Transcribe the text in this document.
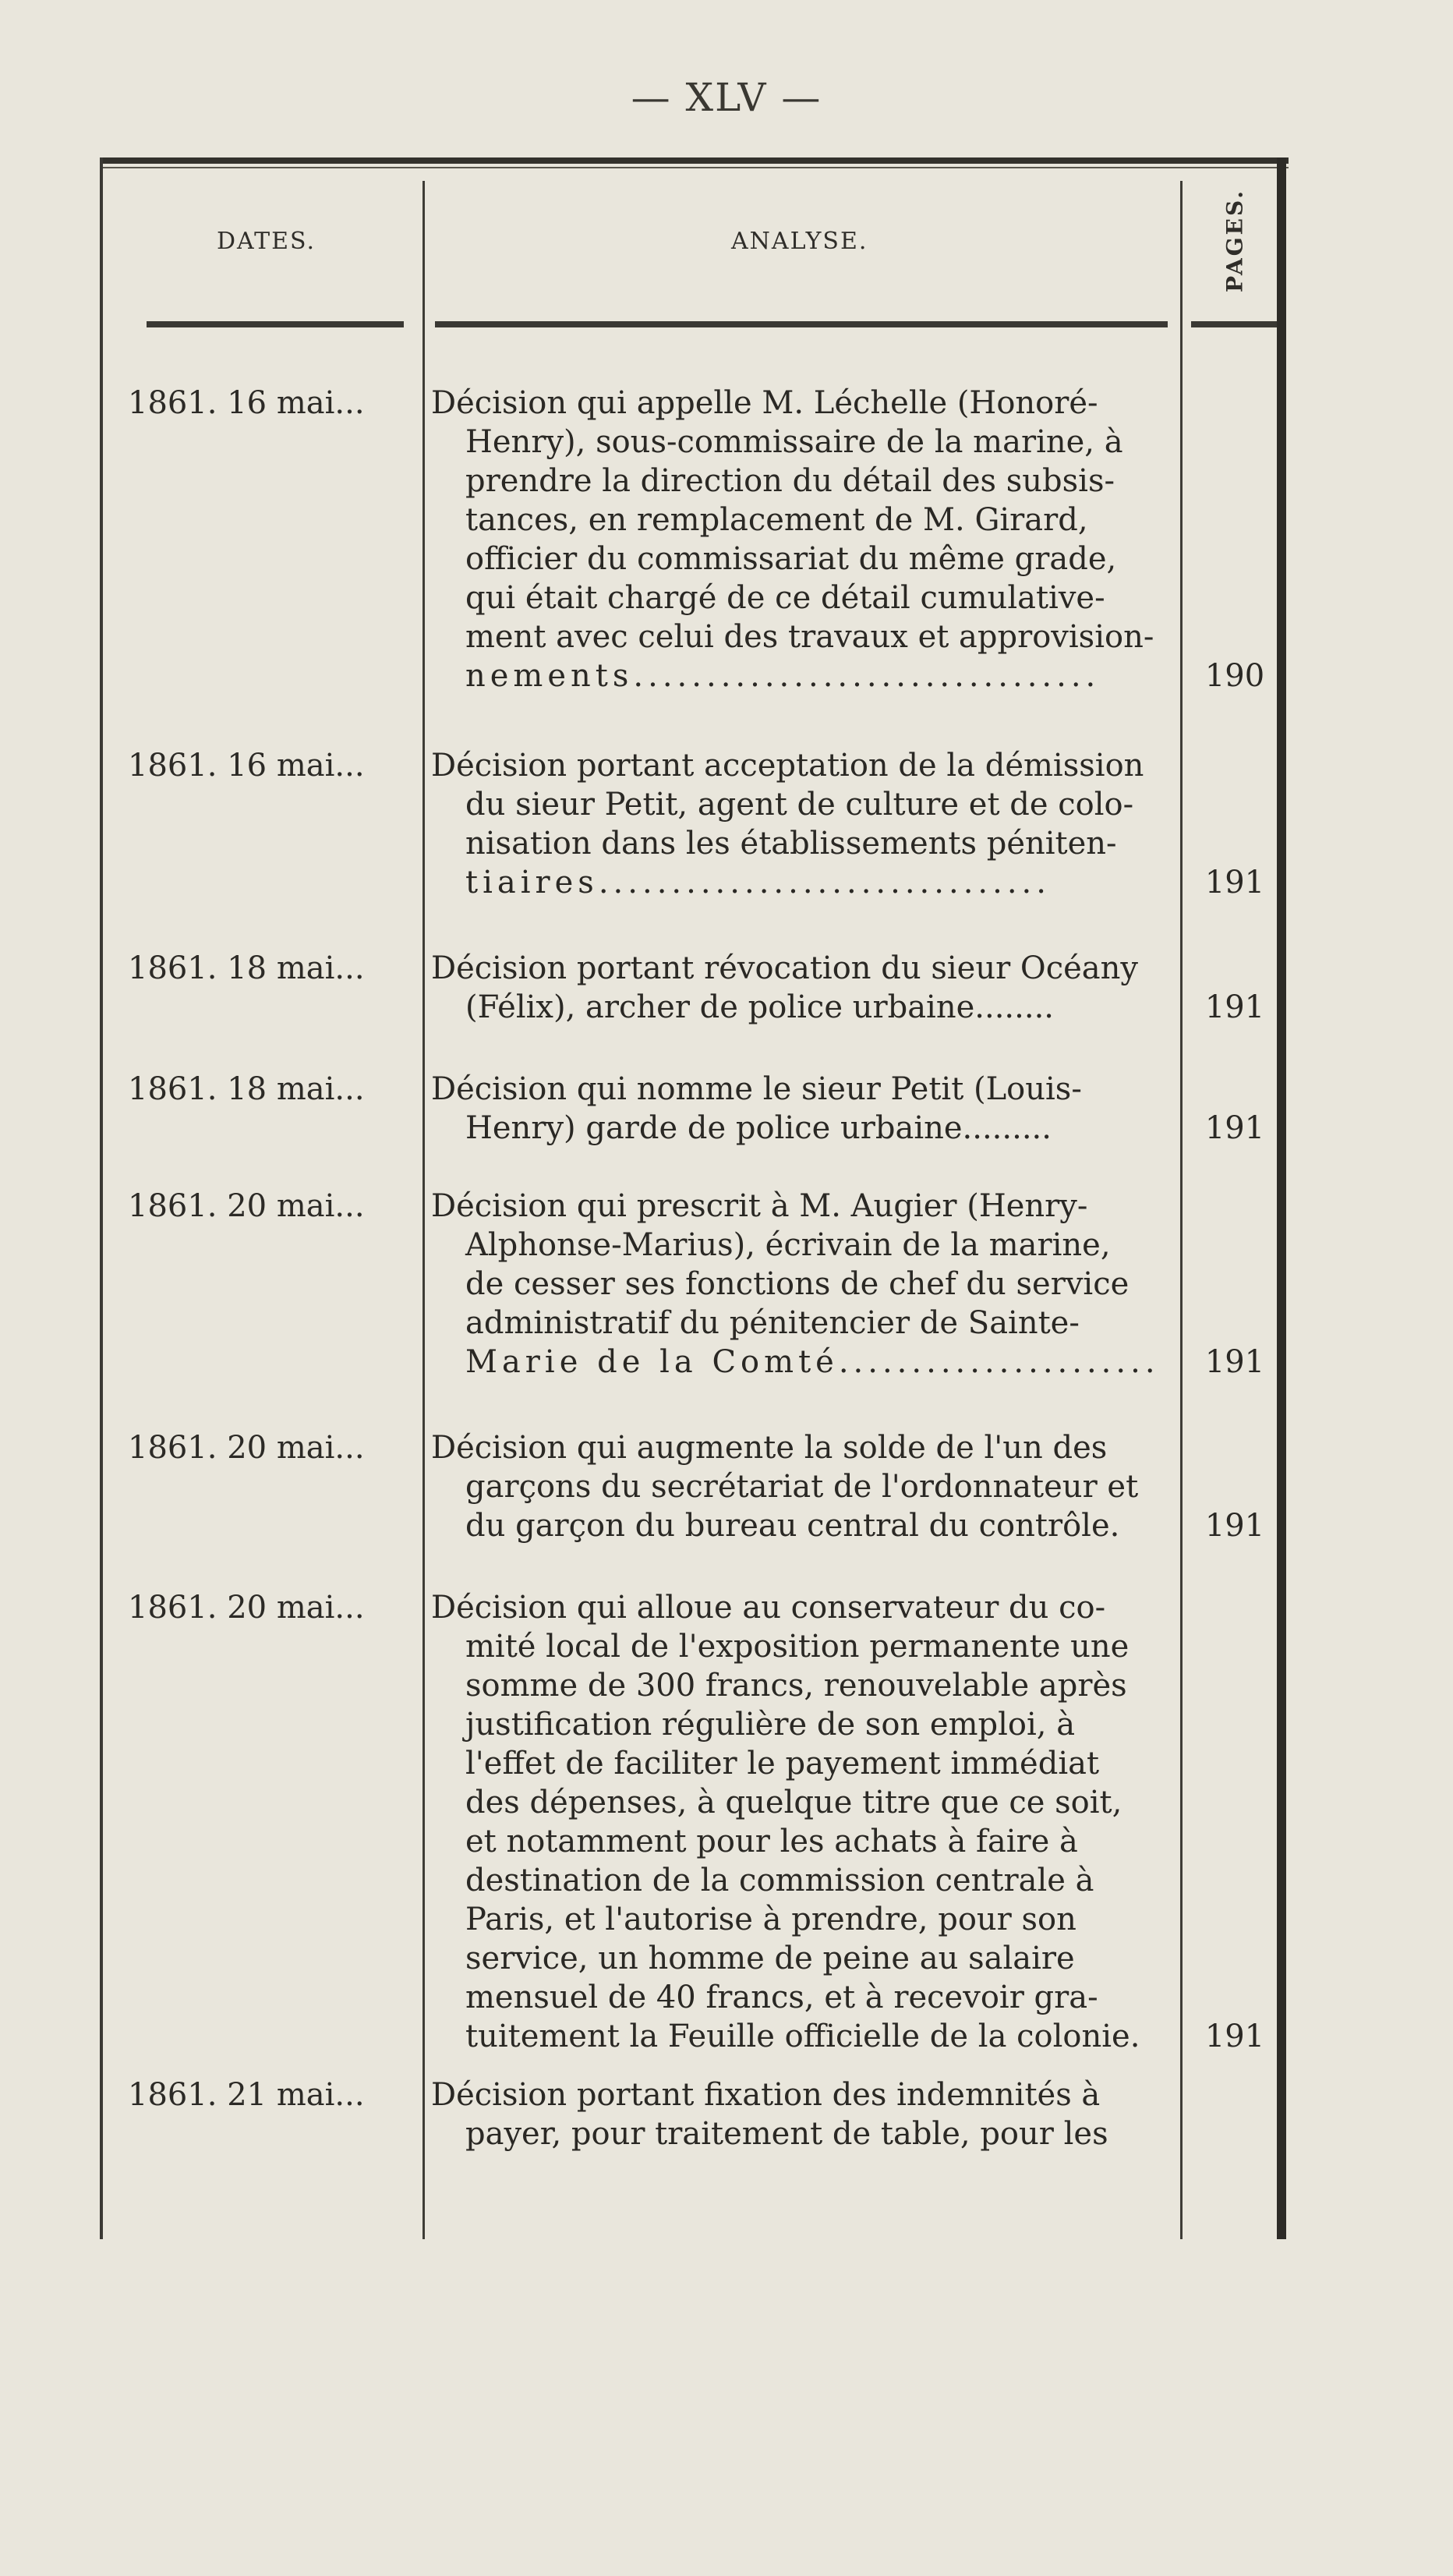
— XLV —
DATES.	ANALYSE.	PAGES.
1861. 16 mai... Décision qui appelle M. Léchelle (Honoré-
Henry), sous-commissaire de la marine, à
prendre la direction du détail des subsis-
tances, en remplacement de M. Girard,
officier du commissariat du même grade,
qui était chargé de ce détail cumulative-
ment avec celui des travaux et approvision-
nements................................	190
1861. 16 mai... Décision portant acceptation de la démission
du sieur Petit, agent de culture et de colo-
nisation dans les établissements péniten-
tiaires...............................	191
1861. 18 mai... Décision portant révocation du sieur Océany
(Félix), archer de police urbaine........	191
1861. 18 mai... Décision qui nomme le sieur Petit (Louis-
Henry) garde de police urbaine.........	191
1861. 20 mai... Décision qui prescrit à M. Augier (Henry-
Alphonse-Marius), écrivain de la marine,
de cesser ses fonctions de chef du service
administratif du pénitencier de Sainte-
Marie de la Comté...................... 191
1861. 20 mai... Décision qui augmente la solde de l'un des
garçons du secrétariat de l'ordonnateur et
du garçon du bureau central du contrôle.	191
1861. 20 mai... Décision qui alloue au conservateur du co-
mité local de l'exposition permanente une
somme de 300 francs, renouvelable après
justification régulière de son emploi, à
l'effet de faciliter le payement immédiat
des dépenses, à quelque titre que ce soit,
et notamment pour les achats à faire à
destination de la commission centrale à
Paris, et l'autorise à prendre, pour son
service, un homme de peine au salaire
mensuel de 40 francs, et à recevoir gra-
tuitement la Feuille officielle de la colonie.	191
1861. 21 mai... Décision portant fixation des indemnités à
payer, pour traitement de table, pour les
